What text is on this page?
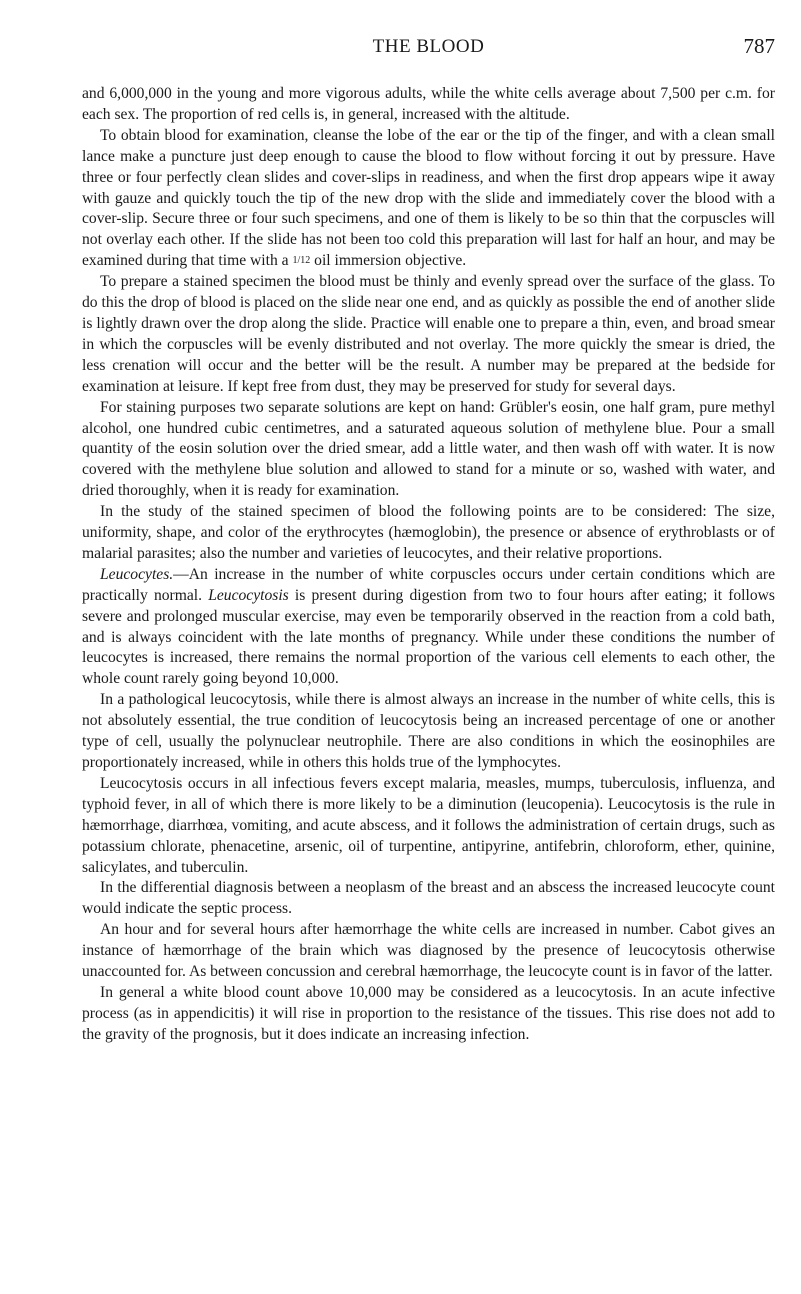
THE BLOOD	787

and 6,000,000 in the young and more vigorous adults, while the white cells average about 7,500 per c.m. for each sex. The proportion of red cells is, in general, increased with the altitude.

To obtain blood for examination, cleanse the lobe of the ear or the tip of the finger, and with a clean small lance make a puncture just deep enough to cause the blood to flow without forcing it out by pressure. Have three or four perfectly clean slides and cover-slips in readiness, and when the first drop appears wipe it away with gauze and quickly touch the tip of the new drop with the slide and immediately cover the blood with a cover-slip. Secure three or four such specimens, and one of them is likely to be so thin that the corpuscles will not overlay each other. If the slide has not been too cold this preparation will last for half an hour, and may be examined during that time with a 1/12 oil immersion objective.

To prepare a stained specimen the blood must be thinly and evenly spread over the surface of the glass. To do this the drop of blood is placed on the slide near one end, and as quickly as possible the end of another slide is lightly drawn over the drop along the slide. Practice will enable one to prepare a thin, even, and broad smear in which the corpuscles will be evenly distributed and not overlay. The more quickly the smear is dried, the less crenation will occur and the better will be the result. A number may be prepared at the bedside for examination at leisure. If kept free from dust, they may be preserved for study for several days.

For staining purposes two separate solutions are kept on hand: Grübler's eosin, one half gram, pure methyl alcohol, one hundred cubic centimetres, and a saturated aqueous solution of methylene blue. Pour a small quantity of the eosin solution over the dried smear, add a little water, and then wash off with water. It is now covered with the methylene blue solution and allowed to stand for a minute or so, washed with water, and dried thoroughly, when it is ready for examination.

In the study of the stained specimen of blood the following points are to be considered: The size, uniformity, shape, and color of the erythrocytes (hæmoglobin), the presence or absence of erythroblasts or of malarial parasites; also the number and varieties of leucocytes, and their relative proportions.

Leucocytes.—An increase in the number of white corpuscles occurs under certain conditions which are practically normal. Leucocytosis is present during digestion from two to four hours after eating; it follows severe and prolonged muscular exercise, may even be temporarily observed in the reaction from a cold bath, and is always coincident with the late months of pregnancy. While under these conditions the number of leucocytes is increased, there remains the normal proportion of the various cell elements to each other, the whole count rarely going beyond 10,000.

In a pathological leucocytosis, while there is almost always an increase in the number of white cells, this is not absolutely essential, the true condition of leucocytosis being an increased percentage of one or another type of cell, usually the polynuclear neutrophile. There are also conditions in which the eosinophiles are proportionately increased, while in others this holds true of the lymphocytes.

Leucocytosis occurs in all infectious fevers except malaria, measles, mumps, tuberculosis, influenza, and typhoid fever, in all of which there is more likely to be a diminution (leucopenia). Leucocytosis is the rule in hæmorrhage, diarrhœa, vomiting, and acute abscess, and it follows the administration of certain drugs, such as potassium chlorate, phenacetine, arsenic, oil of turpentine, antipyrine, antifebrin, chloroform, ether, quinine, salicylates, and tuberculin.

In the differential diagnosis between a neoplasm of the breast and an abscess the increased leucocyte count would indicate the septic process.

An hour and for several hours after hæmorrhage the white cells are increased in number. Cabot gives an instance of hæmorrhage of the brain which was diagnosed by the presence of leucocytosis otherwise unaccounted for. As between concussion and cerebral hæmorrhage, the leucocyte count is in favor of the latter.

In general a white blood count above 10,000 may be considered as a leucocytosis. In an acute infective process (as in appendicitis) it will rise in proportion to the resistance of the tissues. This rise does not add to the gravity of the prognosis, but it does indicate an increasing infection.
